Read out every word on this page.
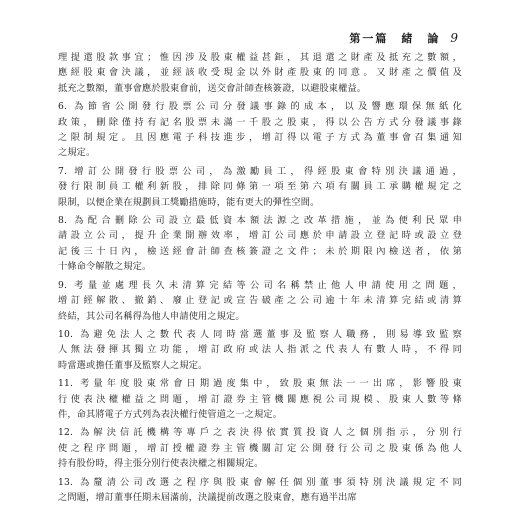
第一篇　緒　論 9
理提還股款事宜；惟因涉及股東權益甚鉅，其退還之財產及抵充之數額，
應經股東會決議，並經該收受現金以外財產股東的同意。又財產之價值及
抵充之數額，董事會應於股東會前，送交會計師查核簽證，以避股東權益。
6. 為節省公開發行股票公司分發議事錄的成本，以及響應環保無紙化
政策，刪除僅持有記名股票未滿一千股之股東，得以公告方式分發議事錄
之限制規定。且因應電子科技進步，增訂得以電子方式為董事會召集通知
之規定。
7. 增訂公開發行股票公司，為激勵員工，得經股東會特別決議通過，
發行限制員工權利新股，排除同條第一項至第六項有關員工承購權規定之
限制，以便企業在規劃員工獎勵措施時，能有更大的彈性空間。
8. 為配合刪除公司設立最低資本額法源之改革措施，並為便利民眾申
請設立公司，提升企業開辦效率，增訂公司應於申請設立登記時或設立登
記後三十日內，檢送經會計師查核簽證之文件；未於期限內檢送者，依第
十條命令解散之規定。
9. 考量並處理長久未清算完結等公司名稱禁止他人申請使用之問題，
增訂經解散、撤銷、廢止登記或宣告破產之公司逾十年未清算完結或清算
終結，其公司名稱得為他人申請使用之規定。
10. 為避免法人之數代表人同時當選董事及監察人職務，則易導致監察
人無法發揮其獨立功能，增訂政府或法人指派之代表人有數人時，不得同
時當選或擔任董事及監察人之規定。
11. 考量年度股東常會日期過度集中，致股東無法一一出席，影響股東
行使表決權權益之問題，增訂證券主管機關應視公司規模、股東人數等條
件，命其將電子方式列為表決權行使管道之一之規定。
12. 為解決信託機構等專戶之表決得依實質投資人之個別指示，分別行
使之程序問題，增訂授權證券主管機關訂定公開發行公司之股東係為他人
持有股份時，得主張分別行使表決權之相關規定。
13. 為釐清公司改選之程序與股東會解任個別董事須特別決議規定不同
之問題，增訂董事任期未屆滿前，決議提前改選之股東會，應有過半出席
